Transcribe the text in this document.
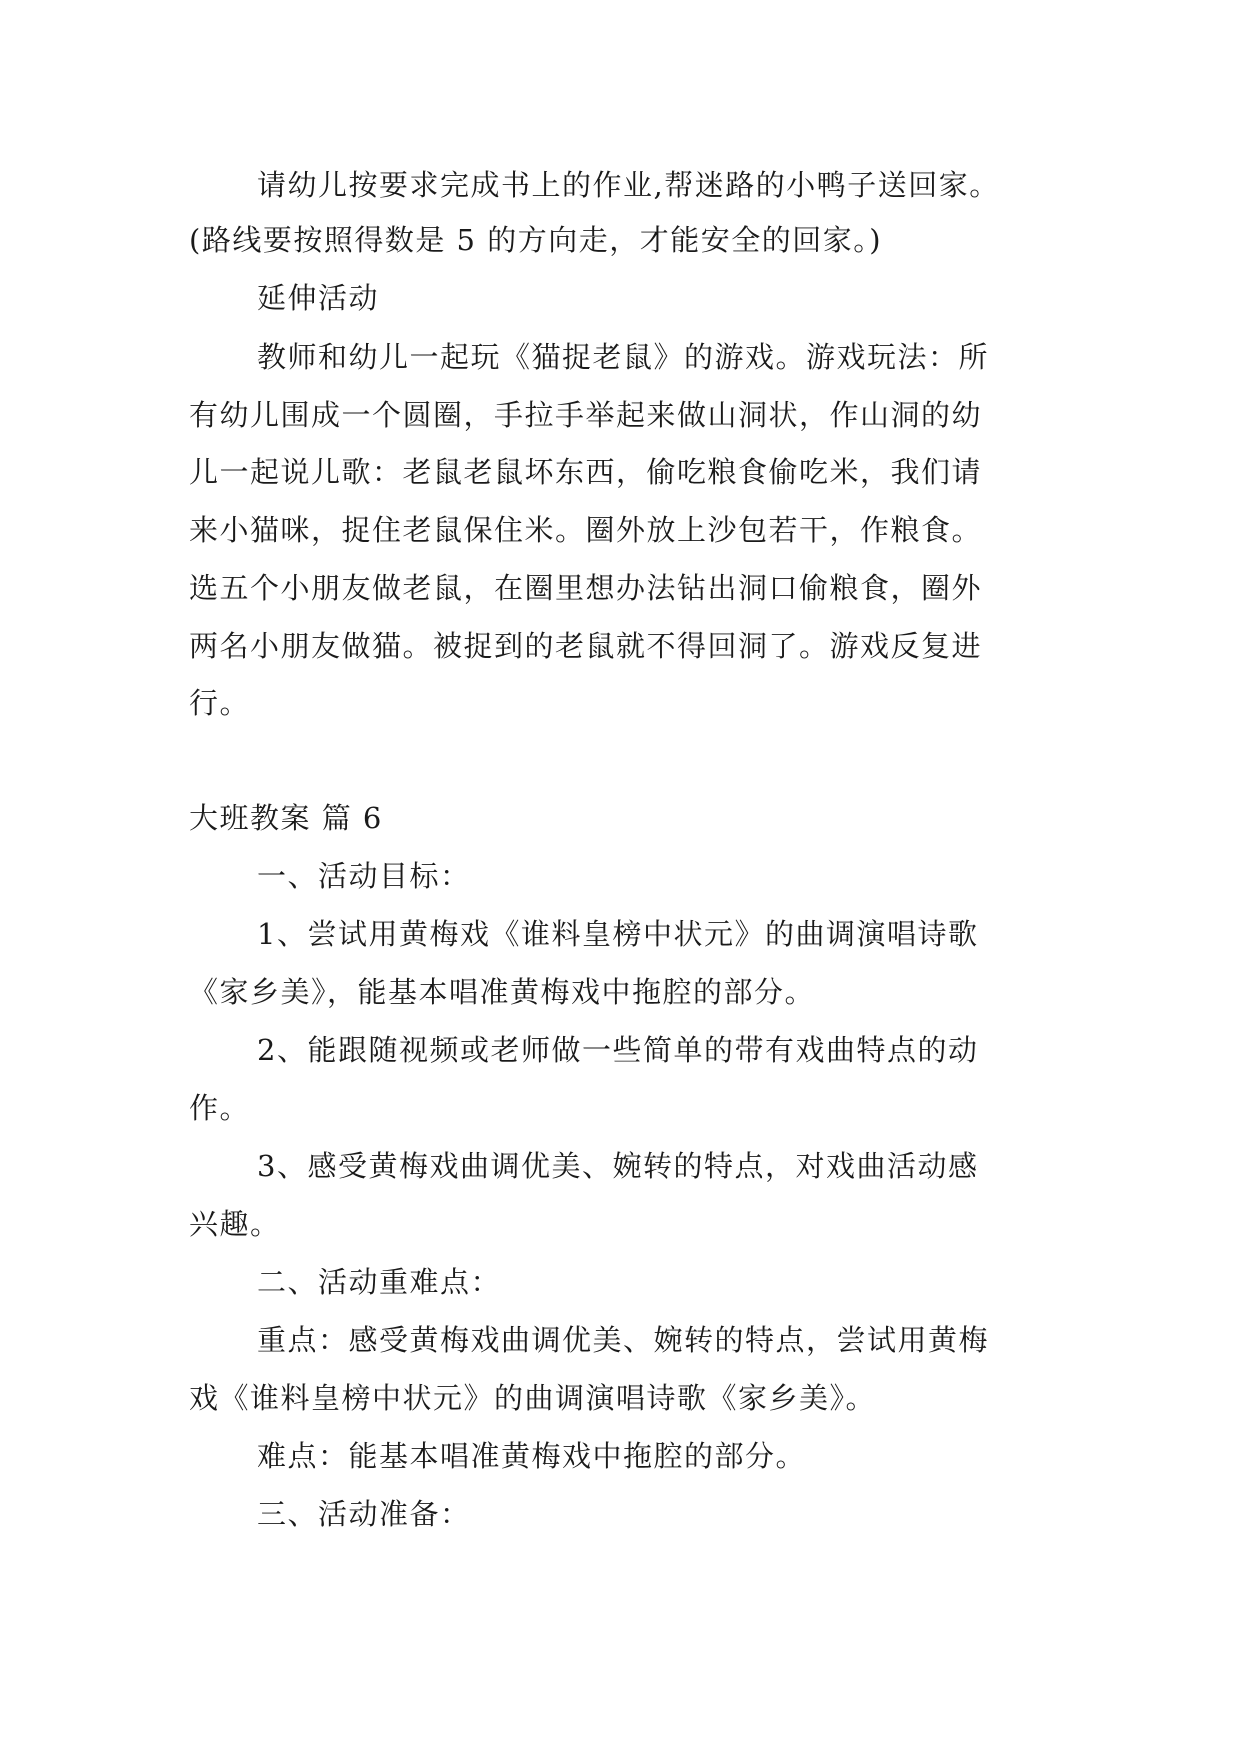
请幼儿按要求完成书上的作业,帮迷路的小鸭子送回家。
(路线要按照得数是 5 的方向走，才能安全的回家。)
延伸活动
教师和幼儿一起玩《猫捉老鼠》的游戏。游戏玩法：所
有幼儿围成一个圆圈，手拉手举起来做山洞状，作山洞的幼
儿一起说儿歌：老鼠老鼠坏东西，偷吃粮食偷吃米，我们请
来小猫咪，捉住老鼠保住米。圈外放上沙包若干，作粮食。
选五个小朋友做老鼠，在圈里想办法钻出洞口偷粮食，圈外
两名小朋友做猫。被捉到的老鼠就不得回洞了。游戏反复进
行。
大班教案 篇 6
一、活动目标：
1、尝试用黄梅戏《谁料皇榜中状元》的曲调演唱诗歌
《家乡美》，能基本唱准黄梅戏中拖腔的部分。
2、能跟随视频或老师做一些简单的带有戏曲特点的动
作。
3、感受黄梅戏曲调优美、婉转的特点，对戏曲活动感
兴趣。
二、活动重难点：
重点：感受黄梅戏曲调优美、婉转的特点，尝试用黄梅
戏《谁料皇榜中状元》的曲调演唱诗歌《家乡美》。
难点：能基本唱准黄梅戏中拖腔的部分。
三、活动准备：
